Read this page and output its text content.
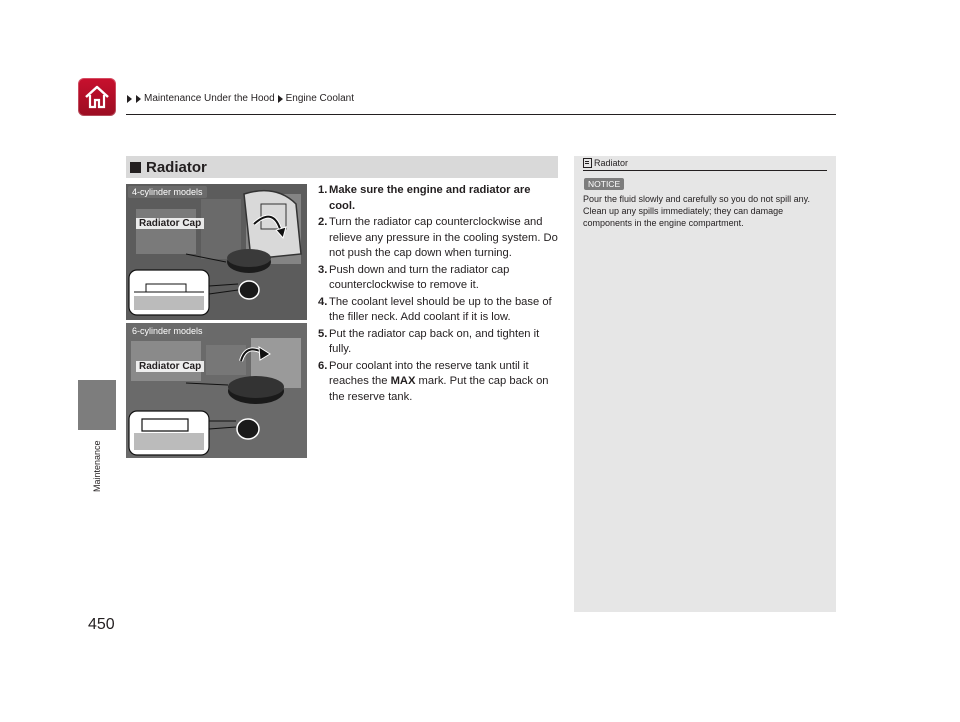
Maintenance Under the Hood Engine Coolant
Maintenance
450
Radiator
4-cylinder models
Radiator Cap
6-cylinder models
Radiator Cap
1. Make sure the engine and radiator are cool.
2. Turn the radiator cap counterclockwise and relieve any pressure in the cooling system. Do not push the cap down when turning.
3. Push down and turn the radiator cap counterclockwise to remove it.
4. The coolant level should be up to the base of the filler neck. Add coolant if it is low.
5. Put the radiator cap back on, and tighten it fully.
6. Pour coolant into the reserve tank until it reaches the MAX mark. Put the cap back on the reserve tank.
Radiator
NOTICE
Pour the fluid slowly and carefully so you do not spill any. Clean up any spills immediately; they can damage components in the engine compartment.
